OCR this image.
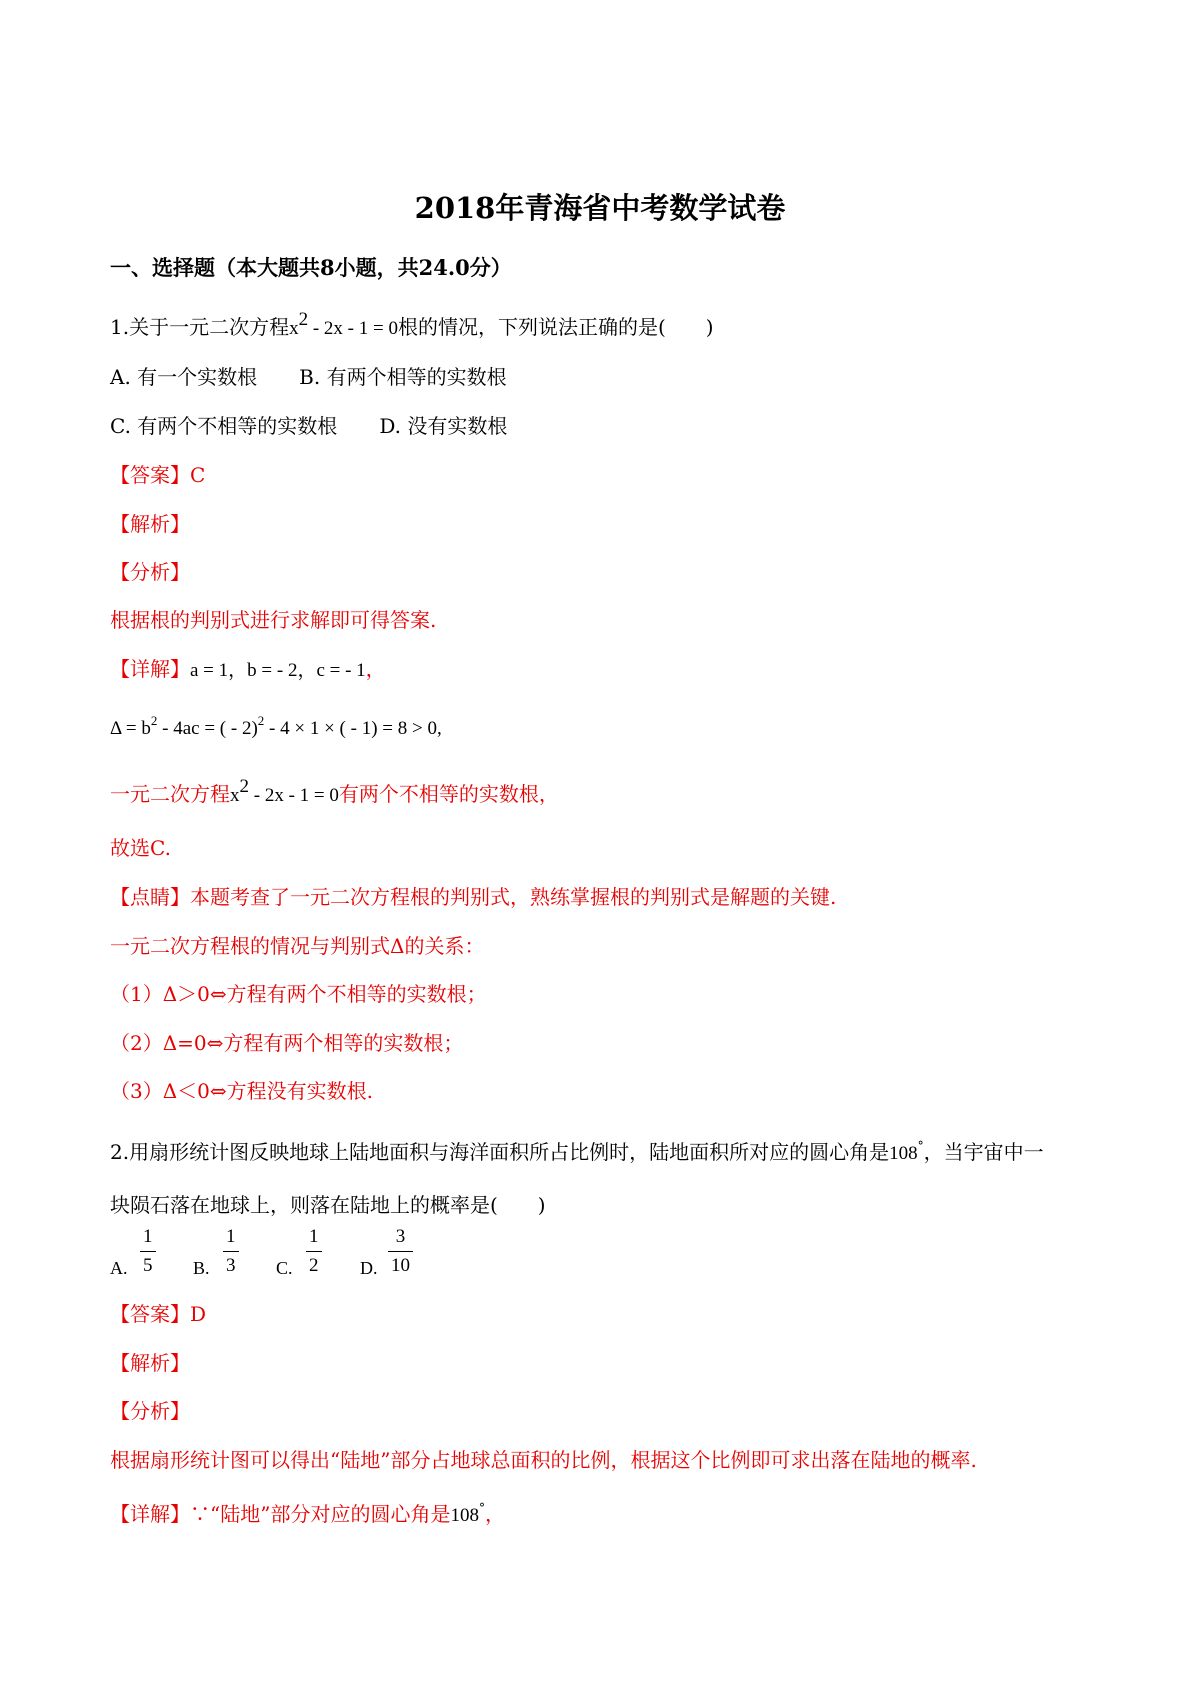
2018年青海省中考数学试卷
一、选择题（本大题共8小题，共24.0分）
1.关于一元二次方程x2 - 2x - 1 = 0根的情况，下列说法正确的是(　　)
A. 有一个实数根 B. 有两个相等的实数根
C. 有两个不相等的实数根 D. 没有实数根
【答案】C
【解析】
【分析】
根据根的判别式进行求解即可得答案.
【详解】a = 1，b = - 2，c = - 1，
$\Delta = b^2 - 4ac$ = ( - 2)$^2$ - 4 × 1 × ( - 1) = 8 > 0,
一元二次方程x2 - 2x - 1 = 0有两个不相等的实数根，
故选C.
【点睛】本题考查了一元二次方程根的判别式，熟练掌握根的判别式是解题的关键.
一元二次方程根的情况与判别式Δ的关系：
（1）Δ＞0⇔方程有两个不相等的实数根；
（2）Δ=0⇔方程有两个相等的实数根；
（3）Δ＜0⇔方程没有实数根.
2.用扇形统计图反映地球上陆地面积与海洋面积所占比例时，陆地面积所对应的圆心角是108°，当宇宙中一
块陨石落在地球上，则落在陆地上的概率是(　　)
A.
1
5 B.
1
3 C.
1
2 D.
3
10
【答案】D
【解析】
【分析】
根据扇形统计图可以得出“陆地”部分占地球总面积的比例，根据这个比例即可求出落在陆地的概率.
【详解】∵“陆地”部分对应的圆心角是108°，
